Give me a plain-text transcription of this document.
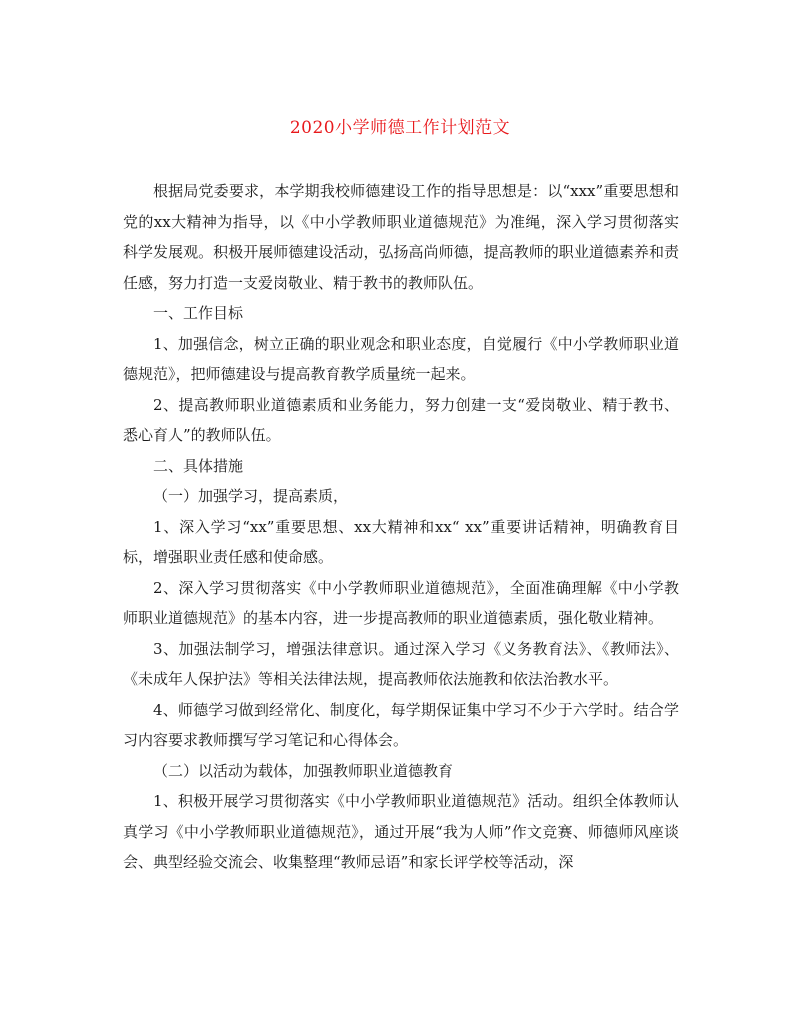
2020小学师德工作计划范文

根据局党委要求，本学期我校师德建设工作的指导思想是：以“xxx”重要思想和党的xx大精神为指导，以《中小学教师职业道德规范》为准绳，深入学习贯彻落实科学发展观。积极开展师德建设活动，弘扬高尚师德，提高教师的职业道德素养和责任感，努力打造一支爱岗敬业、精于教书的教师队伍。

一、工作目标

1、加强信念，树立正确的职业观念和职业态度，自觉履行《中小学教师职业道德规范》，把师德建设与提高教育教学质量统一起来。

2、提高教师职业道德素质和业务能力，努力创建一支“爱岗敬业、精于教书、悉心育人”的教师队伍。

二、具体措施

（一）加强学习，提高素质，

1、深入学习“xx”重要思想、xx大精神和xx“ xx”重要讲话精神，明确教育目标，增强职业责任感和使命感。

2、深入学习贯彻落实《中小学教师职业道德规范》，全面准确理解《中小学教师职业道德规范》的基本内容，进一步提高教师的职业道德素质，强化敬业精神。

3、加强法制学习，增强法律意识。通过深入学习《义务教育法》、《教师法》、《未成年人保护法》等相关法律法规，提高教师依法施教和依法治教水平。

4、师德学习做到经常化、制度化，每学期保证集中学习不少于六学时。结合学习内容要求教师撰写学习笔记和心得体会。

（二）以活动为载体，加强教师职业道德教育

1、积极开展学习贯彻落实《中小学教师职业道德规范》活动。组织全体教师认真学习《中小学教师职业道德规范》，通过开展“我为人师”作文竞赛、师德师风座谈会、典型经验交流会、收集整理“教师忌语”和家长评学校等活动，深
